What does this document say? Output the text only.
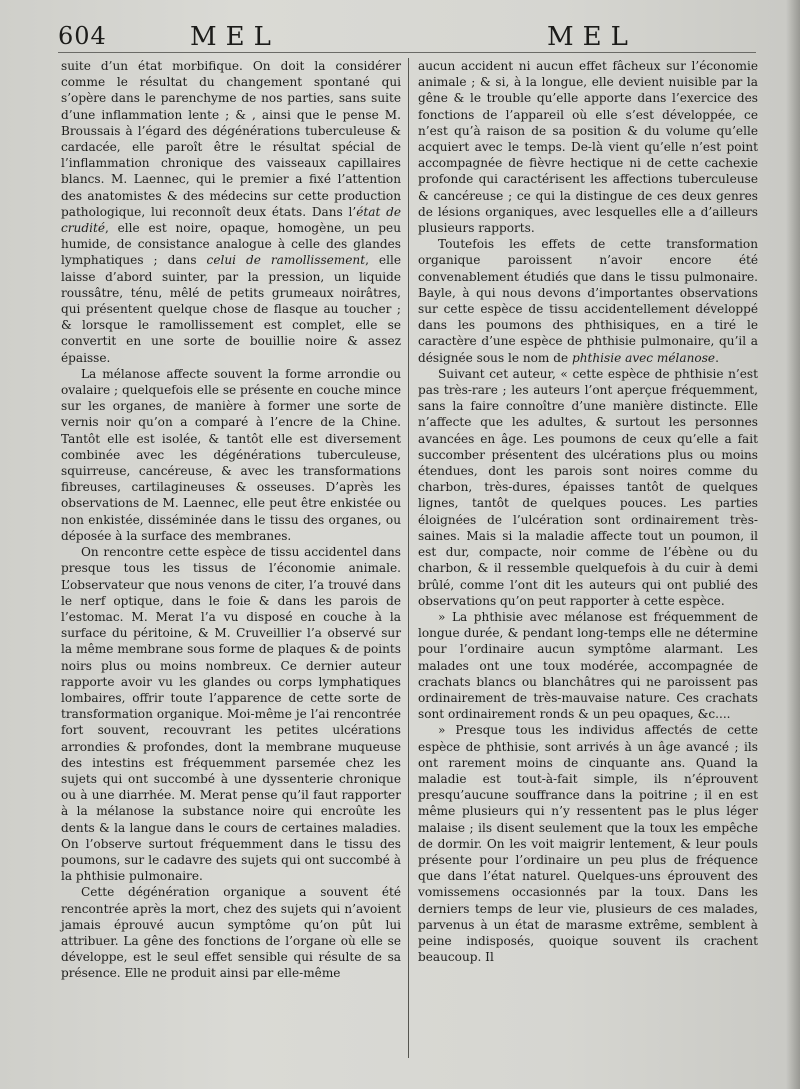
604	MEL	MEL

suite d’un état morbifique. On doit la considérer comme le résultat du changement spontané qui s’opère dans le parenchyme de nos parties, sans suite d’une inflammation lente ; & , ainsi que le pense M. Broussais à l’égard des dégénérations tuberculeuse & cardacée, elle paroît être le résultat spécial de l’inflammation chronique des vaisseaux capillaires blancs. M. Laennec, qui le premier a fixé l’attention des anatomistes & des médecins sur cette production pathologique, lui reconnoît deux états. Dans l’état de crudité, elle est noire, opaque, homogène, un peu humide, de consistance analogue à celle des glandes lymphatiques ; dans celui de ramollissement, elle laisse d’abord suinter, par la pression, un liquide roussâtre, ténu, mêlé de petits grumeaux noirâtres, qui présentent quelque chose de flasque au toucher ; & lorsque le ramollissement est complet, elle se convertit en une sorte de bouillie noire & assez épaisse.

La mélanose affecte souvent la forme arrondie ou ovalaire ; quelquefois elle se présente en couche mince sur les organes, de manière à former une sorte de vernis noir qu’on a comparé à l’encre de la Chine. Tantôt elle est isolée, & tantôt elle est diversement combinée avec les dégénérations tuberculeuse, squirreuse, cancéreuse, & avec les transformations fibreuses, cartilagineuses & osseuses. D’après les observations de M. Laennec, elle peut être enkistée ou non enkistée, disséminée dans le tissu des organes, ou déposée à la surface des membranes.

On rencontre cette espèce de tissu accidentel dans presque tous les tissus de l’économie animale. L’observateur que nous venons de citer, l’a trouvé dans le nerf optique, dans le foie & dans les parois de l’estomac. M. Merat l’a vu disposé en couche à la surface du péritoine, & M. Cruveillier l’a observé sur la même membrane sous forme de plaques & de points noirs plus ou moins nombreux. Ce dernier auteur rapporte avoir vu les glandes ou corps lymphatiques lombaires, offrir toute l’apparence de cette sorte de transformation organique. Moi-même je l’ai rencontrée fort souvent, recouvrant les petites ulcérations arrondies & profondes, dont la membrane muqueuse des intestins est fréquemment parsemée chez les sujets qui ont succombé à une dyssenterie chronique ou à une diarrhée. M. Merat pense qu’il faut rapporter à la mélanose la substance noire qui encroûte les dents & la langue dans le cours de certaines maladies. On l’observe surtout fréquemment dans le tissu des poumons, sur le cadavre des sujets qui ont succombé à la phthisie pulmonaire.

Cette dégénération organique a souvent été rencontrée après la mort, chez des sujets qui n’avoient jamais éprouvé aucun symptôme qu’on pût lui attribuer. La gêne des fonctions de l’organe où elle se développe, est le seul effet sensible qui résulte de sa présence. Elle ne produit ainsi par elle-même

aucun accident ni aucun effet fâcheux sur l’économie animale ; & si, à la longue, elle devient nuisible par la gêne & le trouble qu’elle apporte dans l’exercice des fonctions de l’appareil où elle s’est développée, ce n’est qu’à raison de sa position & du volume qu’elle acquiert avec le temps. De-là vient qu’elle n’est point accompagnée de fièvre hectique ni de cette cachexie profonde qui caractérisent les affections tuberculeuse & cancéreuse ; ce qui la distingue de ces deux genres de lésions organiques, avec lesquelles elle a d’ailleurs plusieurs rapports.

Toutefois les effets de cette transformation organique paroissent n’avoir encore été convenablement étudiés que dans le tissu pulmonaire. Bayle, à qui nous devons d’importantes observations sur cette espèce de tissu accidentellement développé dans les poumons des phthisiques, en a tiré le caractère d’une espèce de phthisie pulmonaire, qu’il a désignée sous le nom de phthisie avec mélanose.

Suivant cet auteur, « cette espèce de phthisie n’est pas très-rare ; les auteurs l’ont aperçue fréquemment, sans la faire connoître d’une manière distincte. Elle n’affecte que les adultes, & surtout les personnes avancées en âge. Les poumons de ceux qu’elle a fait succomber présentent des ulcérations plus ou moins étendues, dont les parois sont noires comme du charbon, très-dures, épaisses tantôt de quelques lignes, tantôt de quelques pouces. Les parties éloignées de l’ulcération sont ordinairement très-saines. Mais si la maladie affecte tout un poumon, il est dur, compacte, noir comme de l’ébène ou du charbon, & il ressemble quelquefois à du cuir à demi brûlé, comme l’ont dit les auteurs qui ont publié des observations qu’on peut rapporter à cette espèce.

» La phthisie avec mélanose est fréquemment de longue durée, & pendant long-temps elle ne détermine pour l’ordinaire aucun symptôme alarmant. Les malades ont une toux modérée, accompagnée de crachats blancs ou blanchâtres qui ne paroissent pas ordinairement de très-mauvaise nature. Ces crachats sont ordinairement ronds & un peu opaques, &c....

» Presque tous les individus affectés de cette espèce de phthisie, sont arrivés à un âge avancé ; ils ont rarement moins de cinquante ans. Quand la maladie est tout-à-fait simple, ils n’éprouvent presqu’aucune souffrance dans la poitrine ; il en est même plusieurs qui n’y ressentent pas le plus léger malaise ; ils disent seulement que la toux les empêche de dormir. On les voit maigrir lentement, & leur pouls présente pour l’ordinaire un peu plus de fréquence que dans l’état naturel. Quelques-uns éprouvent des vomissemens occasionnés par la toux. Dans les derniers temps de leur vie, plusieurs de ces malades, parvenus à un état de marasme extrême, semblent à peine indisposés, quoique souvent ils crachent beaucoup. Il
